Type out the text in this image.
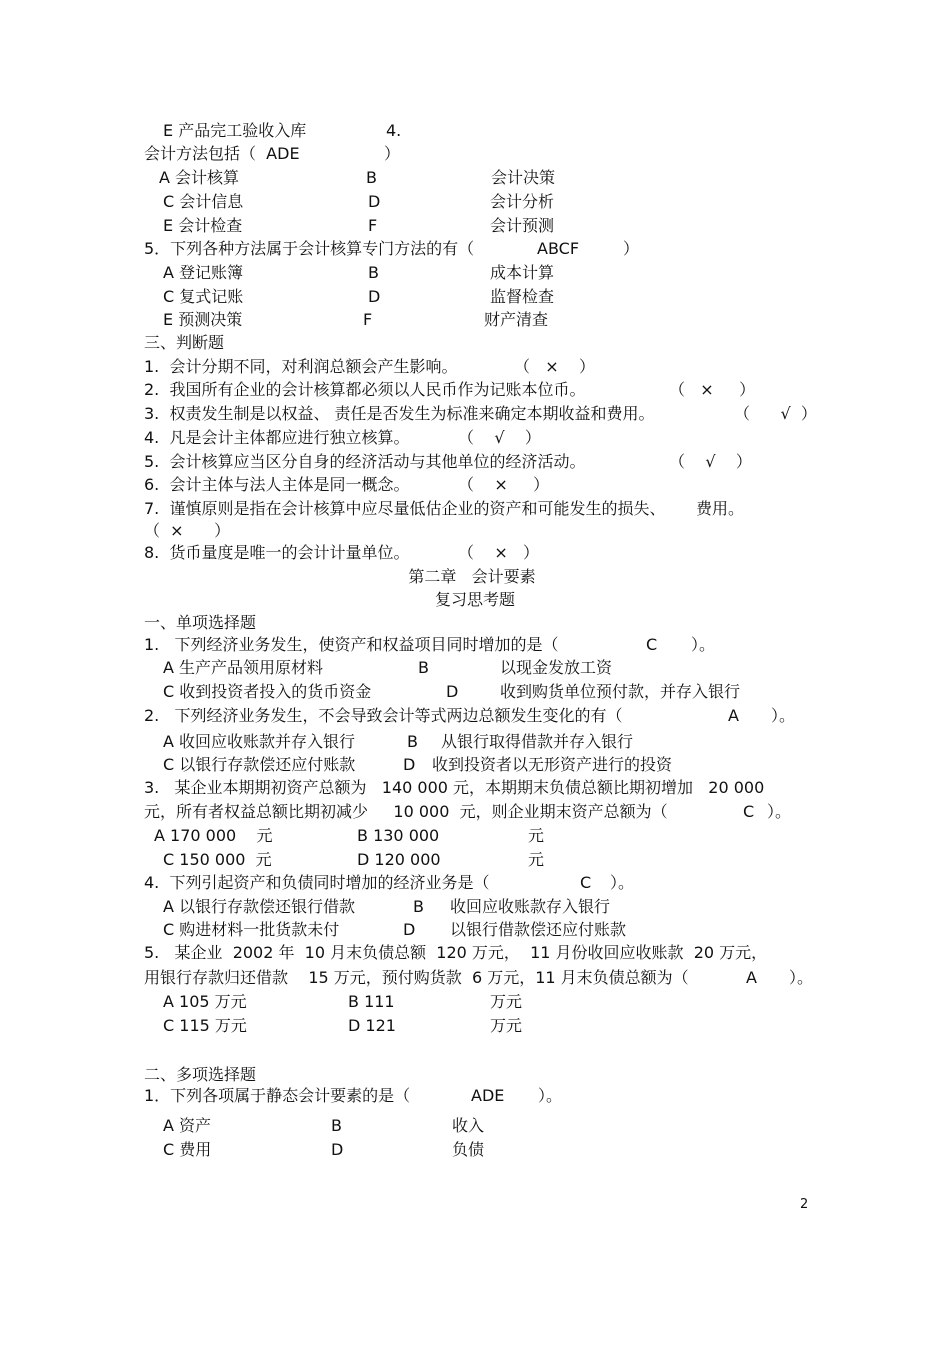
E 产品完工验收入库	4.
会计方法包括（  ADE	）
A 会计核算	B	会计决策
C 会计信息	D	会计分析
E 会计检查	F	会计预测
5．下列各种方法属于会计核算专门方法的有（	ABCF	）
A 登记账簿	B	成本计算
C 复式记账	D	监督检查
E 预测决策	F	财产清查
三、判断题
1.  会计分期不同，对利润总额会产生影响。	（   ×    ）
2.  我国所有企业的会计核算都必须以人民币作为记账本位币。	（   ×     ）
3.  权责发生制是以权益、 责任是否发生为标准来确定本期收益和费用。	（      √  ）
4.  凡是会计主体都应进行独立核算。	（    √    ）
5.  会计核算应当区分自身的经济活动与其他单位的经济活动。	（    √    ）
6.  会计主体与法人主体是同一概念。	（    ×     ）
7.  谨慎原则是指在会计核算中应尽量低估企业的资产和可能发生的损失、      费用。
（  ×      ）
8.  货币量度是唯一的会计计量单位。	（    ×   ）
第二章   会计要素
复习思考题
一、单项选择题
1.   下列经济业务发生，使资产和权益项目同时增加的是（	C ）。
A 生产产品领用原材料	B	以现金发放工资
C 收到投资者投入的货币资金	D	收到购货单位预付款，并存入银行
2.   下列经济业务发生，不会导致会计等式两边总额发生变化的有（	A ）。
A 收回应收账款并存入银行	B 从银行取得借款并存入银行
C 以银行存款偿还应付账款	D 收到投资者以无形资产进行的投资
3.   某企业本期期初资产总额为   140 000 元，本期期末负债总额比期初增加   20 000
元，所有者权益总额比期初减少     10 000  元，则企业期末资产总额为（	C ）。
A 170 000    元	B 130 000	元
C 150 000  元	D 120 000	元
4.  下列引起资产和负债同时增加的经济业务是（	C ）。
A 以银行存款偿还银行借款	B 收回应收账款存入银行
C 购进材料一批货款未付	D 以银行借款偿还应付账款
5.   某企业  2002 年  10 月末负债总额  120 万元，  11 月份收回应收账款  20 万元，
用银行存款归还借款    15 万元，预付购货款  6 万元，11 月末负债总额为（	A ）。
A 105 万元	B 111	万元
C 115 万元	D 121	万元
二、多项选择题
1．下列各项属于静态会计要素的是（	ADE ）。
A 资产	B	收入
C 费用	D	负债
2
